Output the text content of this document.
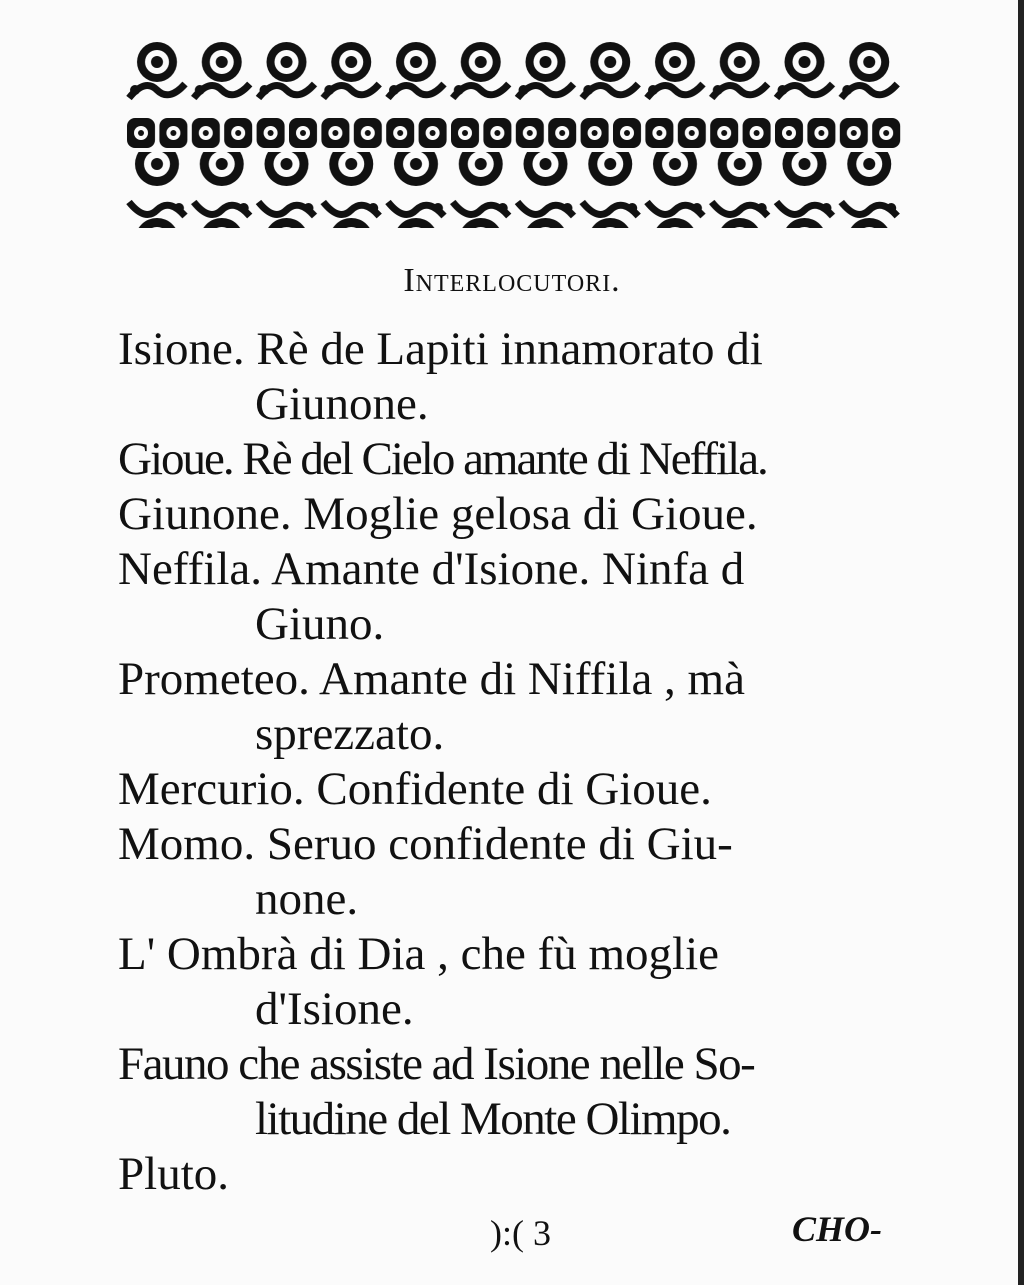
Interlocutori.
Isione. Rè de Lapiti innamorato di
Giunone.
Gioue. Rè del Cielo amante di Neffila.
Giunone. Moglie gelosa di Gioue.
Neffila. Amante d'Isione. Ninfa d
Giuno.
Prometeo. Amante di Niffila , mà
sprezzato.
Mercurio. Confidente di Gioue.
Momo. Seruo confidente di Giu-
none.
L' Ombrà di Dia , che fù moglie
d'Isione.
Fauno che assiste ad Isione nelle So-
litudine del Monte Olimpo.
Pluto.
):( 3	CHO-
